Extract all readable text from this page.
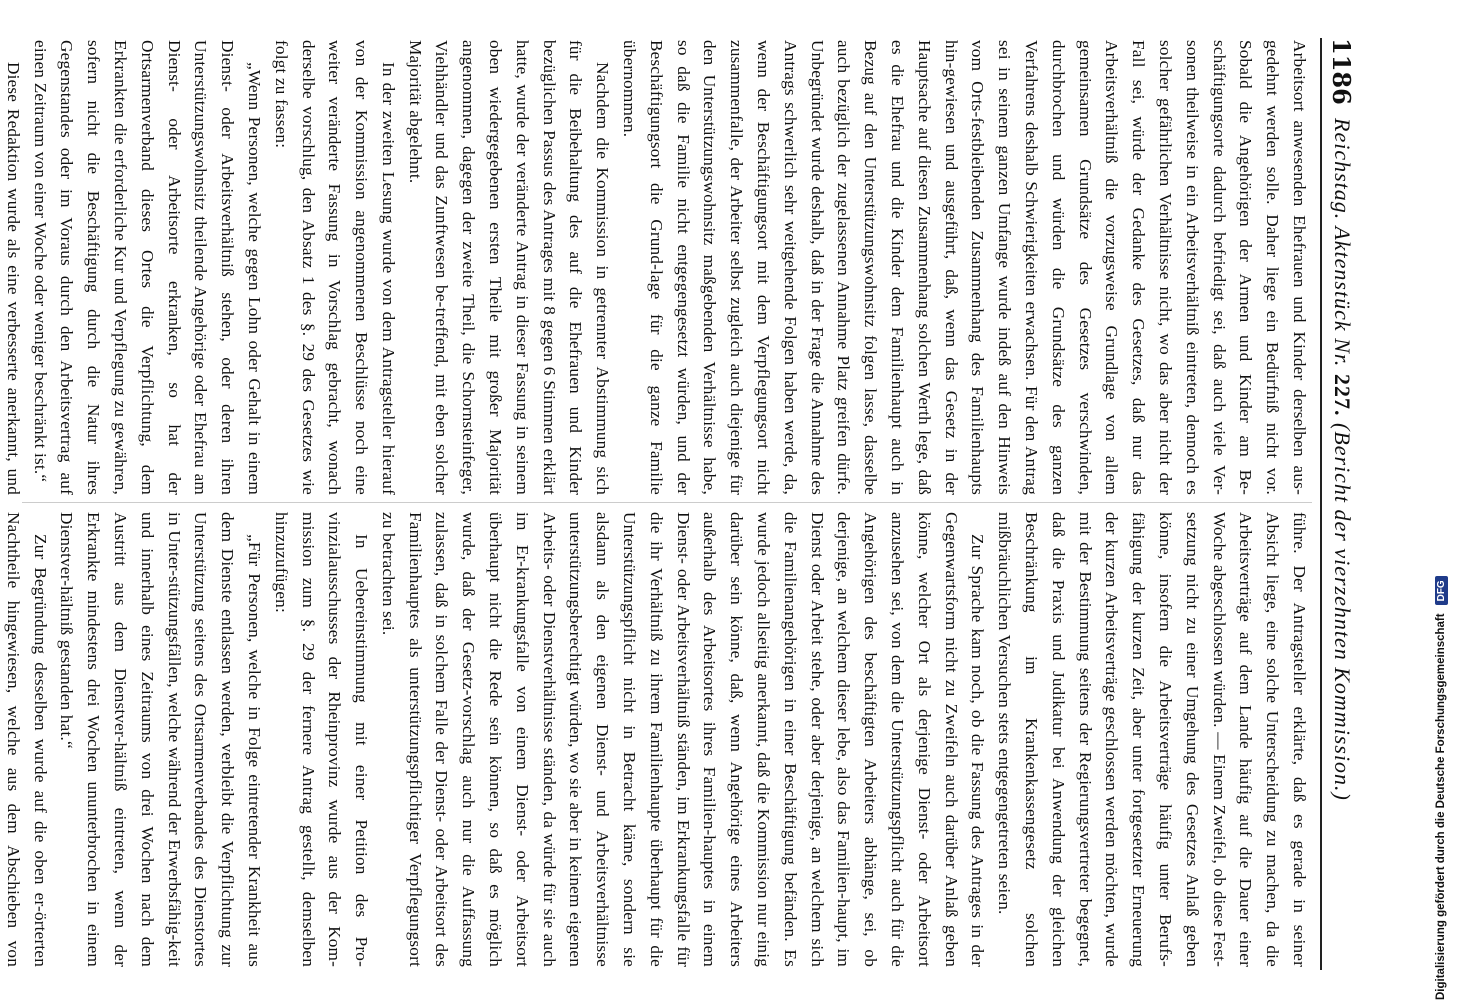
1186
Reichstag. Aktenstück Nr. 227. (Bericht der vierzehnten Kommission.)

Arbeitsort anwesenden Ehefrauen und Kinder derselben aus-gedehnt werden solle. Daher liege ein Bedürfniß nicht vor. Sobald die Angehörigen der Armen und Kinder am Be-schäftigungsorte dadurch befriedigt sei, daß auch viele Ver-sonen theilweise in ein Arbeitsverhältniß eintreten, dennoch es solcher gefährlichen Verhältnisse nicht, wo das aber nicht der Fall sei, würde der Gedanke des Gesetzes, daß nur das Arbeitsverhältniß die vorzugsweise Grundlage von allem gemeinsamen Grundsätze des Gesetzes verschwinden, durchbrochen und würden die Grundsätze des ganzen Verfahrens deshalb Schwierigkeiten erwachsen. Für den Antrag sei in seinem ganzen Umfange wurde indeß auf den Hinweis vom Orts-festbleibenden Zusammenhang des Familienhaupts hin-gewiesen und ausgeführt, daß, wenn das Gesetz in der Hauptsache auf diesen Zusammenhang solchen Werth lege, daß es die Ehefrau und die Kinder dem Familienhaupt auch in Bezug auf den Unterstützungswohnsitz folgen lasse, dasselbe auch bezüglich der zugelassenen Annahme Platz greifen dürfe. Unbegründet wurde deshalb, daß in der Frage die Annahme des Antrags schwerlich sehr weitgehende Folgen haben werde, da, wenn der Beschäftigungsort mit dem Verpflegungsort nicht zusammenfalle, der Arbeiter selbst zugleich auch diejenige für den Unterstützungswohnsitz maßgebenden Verhältnisse habe, so daß die Familie nicht entgegengesetzt würden, und der Beschäftigungsort die Grund-lage für die ganze Familie übernommen.

Nachdem die Kommission in getrennter Abstimmung sich für die Beibehaltung des auf die Ehefrauen und Kinder bezüglichen Passus des Antrages mit 8 gegen 6 Stimmen erklärt hatte, wurde der veränderte Antrag in dieser Fassung in seinem oben wiedergegebenen ersten Theile mit großer Majorität angenommen, dagegen der zweite Theil, die Schornsteinfeger, Viehhändler und das Zunftwesen be-treffend, mit eben solcher Majorität abgelehnt.

In der zweiten Lesung wurde von dem Antragsteller hierauf von der Kommission angenommenen Beschlüsse noch eine weiter veränderte Fassung in Vorschlag gebracht, wonach derselbe vorschlug, den Absatz 1 des §. 29 des Gesetzes wie folgt zu fassen:

„Wenn Personen, welche gegen Lohn oder Gehalt in einem Dienst- oder Arbeitsverhältniß stehen, oder deren ihren Unterstützungswohnsitz theilende Angehörige oder Ehefrau am Dienst- oder Arbeitsorte erkranken, so hat der Ortsarmenverband dieses Ortes die Verpflichtung, dem Erkrankten die erforderliche Kur und Verpflegung zu gewähren, sofern nicht die Beschäftigung durch die Natur ihres Gegenstandes oder im Voraus durch den Arbeitsvertrag auf einen Zeitraum von einer Woche oder weniger beschränkt ist.“

Diese Redaktion wurde als eine verbesserte anerkannt, und

führe. Der Antragsteller erklärte, daß es gerade in seiner Absicht liege, eine solche Unterscheidung zu machen, da die Arbeitsverträge auf dem Lande häufig auf die Dauer einer Woche abgeschlossen würden. — Einem Zweifel, ob diese Fest-setzung nicht zu einer Umgehung des Gesetzes Anlaß geben könne, insofern die Arbeitsverträge häufig unter Berufs-fähigung der kurzen Zeit, aber unter fortgesetzter Erneuerung der kurzen Arbeitsverträge geschlossen werden möchten, wurde mit der Bestimmung seitens der Regierungsvertreter begegnet, daß die Praxis und Judikatur bei Anwendung der gleichen Beschränkung im Krankenkassengesetz solchen mißbräuchlichen Versuchen stets entgegengetreten seien.

Zur Sprache kam noch, ob die Fassung des Antrages in der Gegenwartsform nicht zu Zweifeln auch darüber Anlaß geben könne, welcher Ort als derjenige Dienst- oder Arbeitsort anzusehen sei, von dem die Unterstützungspflicht auch für die Angehörigen des beschäftigten Arbeiters abhänge, sei, ob derjenige, an welchem dieser lebe, also das Familien-haupt, im Dienst oder Arbeit stehe, oder aber derjenige, an welchem sich die Familienangehörigen in einer Beschäftigung befänden. Es wurde jedoch allseitig anerkannt, daß die Kommission nur einig darüber sein könne, daß, wenn Angehörige eines Arbeiters außerhalb des Arbeitsortes ihres Familien-hauptes in einem Dienst- oder Arbeitsverhältniß ständen, im Erkrankungsfalle für die ihr Verhältniß zu ihrem Familienhaupte überhaupt für die Unterstützungspflicht nicht in Betracht käme, sondern sie alsdann als den eigenen Dienst- und Arbeitsverhältnisse unterstützungsberechtigt würden, wo sie aber in keinem eigenen Arbeits- oder Dienstverhältnisse ständen, da würde für sie auch im Er-krankungsfalle von einem Dienst- oder Arbeitsort überhaupt nicht die Rede sein können, so daß es möglich wurde, daß der Gesetz-vorschlag auch nur die Auffassung zulassen, daß in solchem Falle der Dienst- oder Arbeitsort des Familienhauptes als unterstützungspflichtiger Verpflegungsort zu betrachten sei.

In Uebereinstimmung mit einer Petition des Pro-vinzialausschusses der Rheinprovinz wurde aus der Kom-mission zum §. 29 der fernere Antrag gestellt, demselben hinzuzufügen:

„Für Personen, welche in Folge eintretender Krankheit aus dem Dienste entlassen werden, verbleibt die Verpflichtung zur Unterstützung seitens des Ortsarmenverbandes des Dienstortes in Unter-stützungsfällen, welche während der Erwerbsfähig-keit und innerhalb eines Zeitraums von drei Wochen nach dem Austritt aus dem Dienstver-hältniß eintreten, wenn der Erkrankte mindestens drei Wochen ununterbrochen in einem Dienstver-hältniß gestanden hat.“

Zur Begründung desselben wurde auf die oben er-örterten Nachtheile hingewiesen, welche aus dem Abschieben von	Digitalisierung gefördert durch die Deutsche Forschungsgemeinschaft
DFG
